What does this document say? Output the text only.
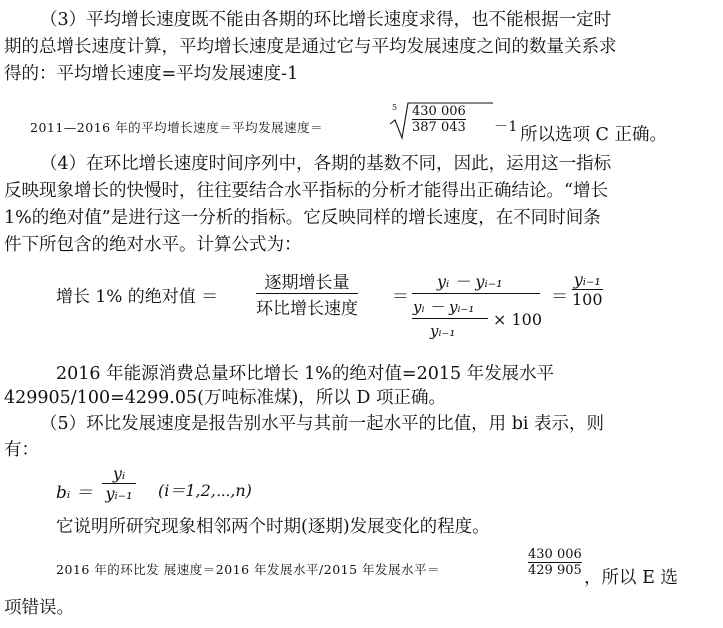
（3）平均增长速度既不能由各期的环比增长速度求得，也不能根据一定时
期的总增长速度计算，平均增长速度是通过它与平均发展速度之间的数量关系求
得的：平均增长速度=平均发展速度-1
2011—2016 年的平均增长速度＝平均发展速度＝
5 430 006
387 043 －1 所以选项 C 正确。
（4）在环比增长速度时间序列中，各期的基数不同，因此，运用这一指标
反映现象增长的快慢时，往往要结合水平指标的分析才能得出正确结论。“增长
1%的绝对值”是进行这一分析的指标。它反映同样的增长速度，在不同时间条
件下所包含的绝对水平。计算公式为：
增长 1% 的绝对值 ＝
逐期增长量
环比增长速度
＝
yᵢ － yᵢ₋₁
yᵢ － yᵢ₋₁
yᵢ₋₁
× 100
＝
yᵢ₋₁
100
2016 年能源消费总量环比增长 1%的绝对值=2015 年发展水平
429905/100=4299.05(万吨标准煤)，所以 D 项正确。
（5）环比发展速度是报告别水平与其前一起水平的比值，用 bi 表示，则
有：
bᵢ ＝
yᵢ
yᵢ₋₁ (i＝1,2,⋯,n)
它说明所研究现象相邻两个时期(逐期)发展变化的程度。
2016 年的环比发 展速度＝2016 年发展水平/2015 年发展水平＝
430 006
429 905 ，所以 E 选
项错误。
